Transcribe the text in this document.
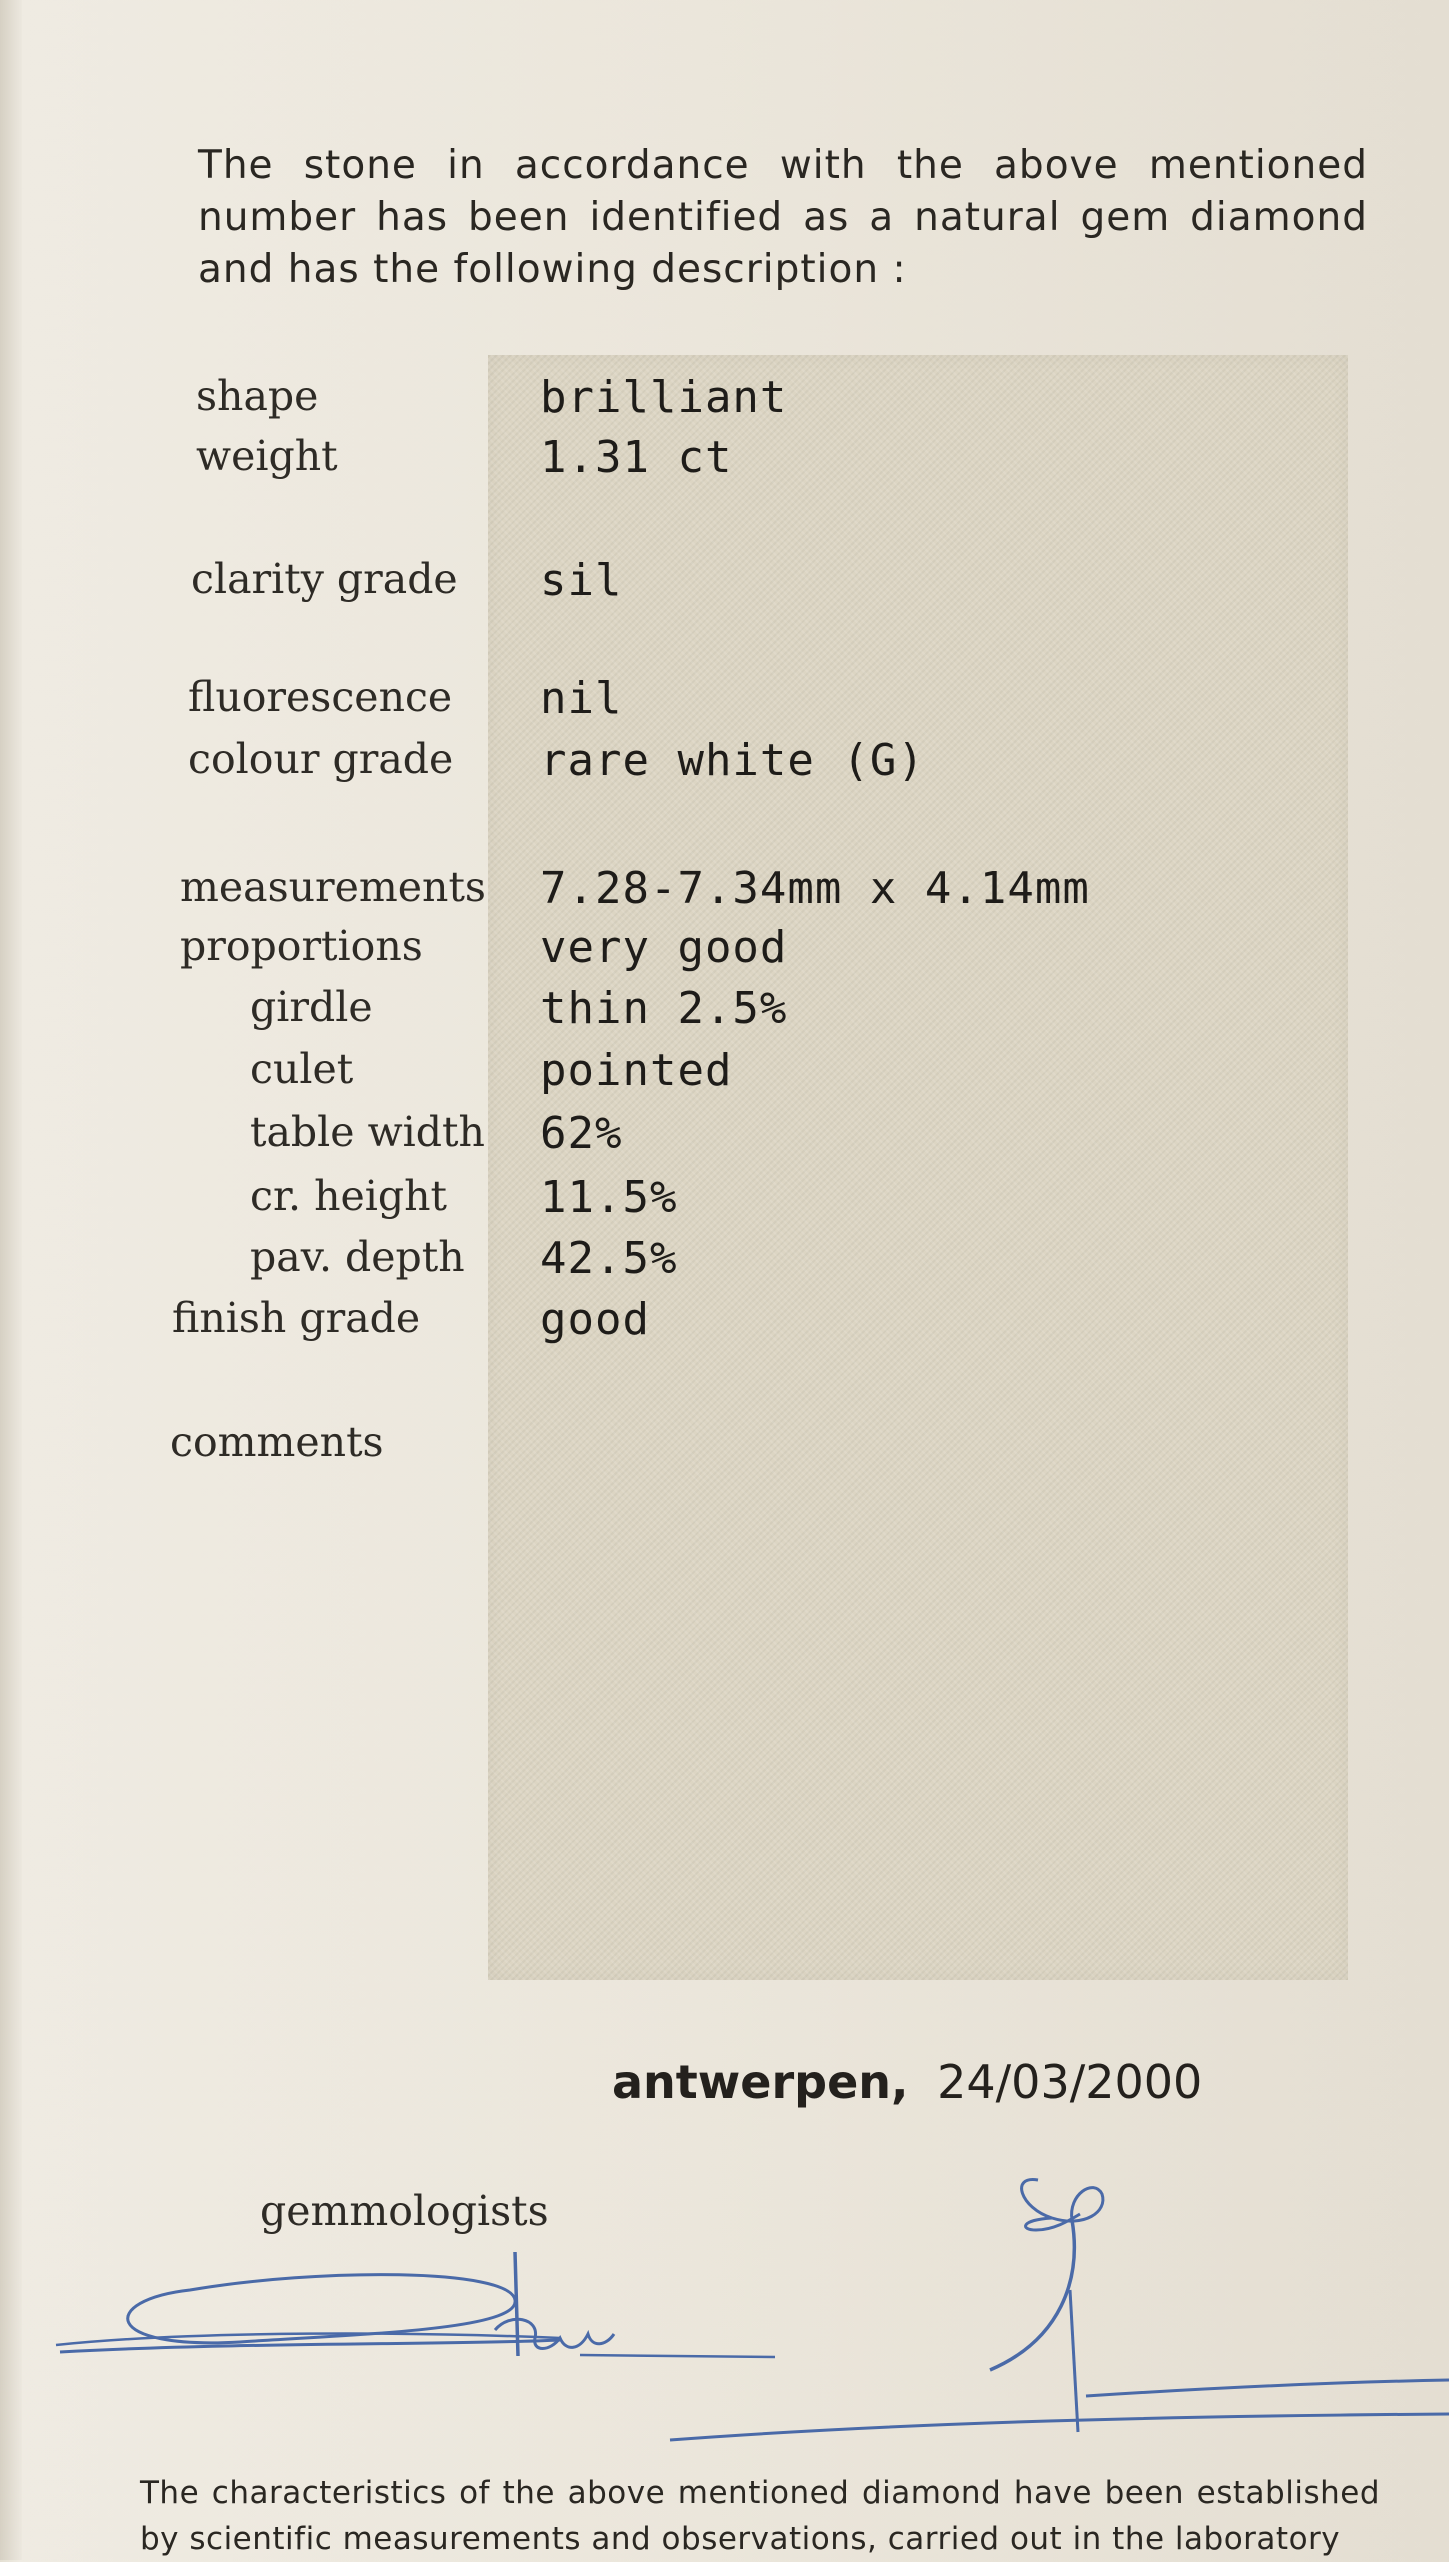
The stone in accordance with the above mentioned number has been identified as a natural gem diamond and has the following description :

shape	brilliant
weight	1.31 ct
clarity grade sil
fluorescence nil
colour grade rare white (G)
measurements 7.28-7.34mm x 4.14mm
proportions	very good
girdle	thin 2.5%
culet	pointed
table width 62%
cr. height 11.5%
pav. depth 42.5%
finish grade	good
comments
antwerpen, 24/03/2000
gemmologists

The characteristics of the above mentioned diamond have been established by scientific measurements and observations, carried out in the laboratory
